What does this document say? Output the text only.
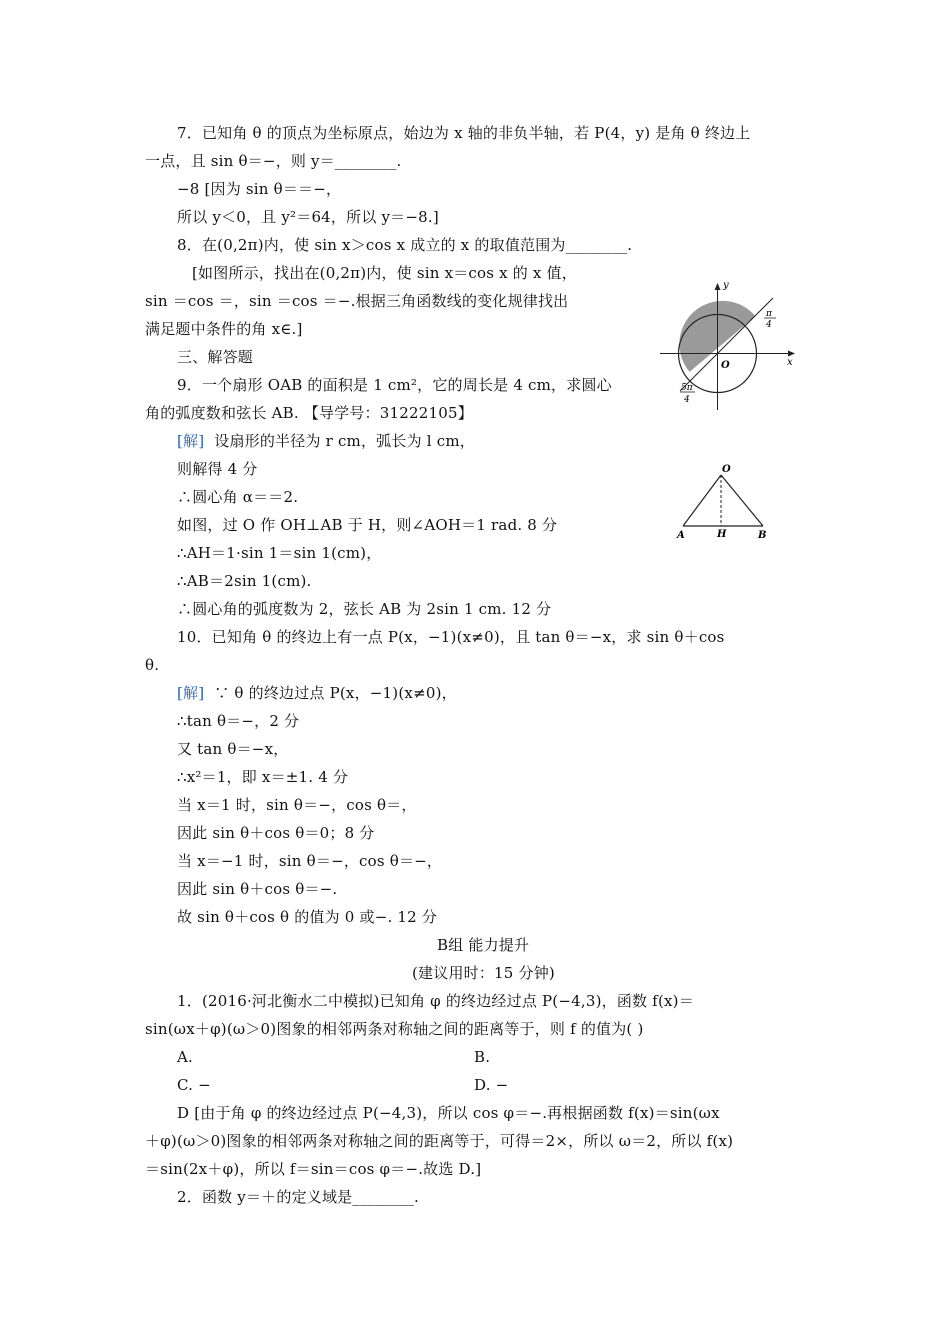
7．已知角 θ 的顶点为坐标原点，始边为 x 轴的非负半轴，若 P(4，y) 是角 θ 终边上
一点，且 sin θ＝−，则 y＝________.
−8 [因为 sin θ＝＝−，
所以 y＜0，且 y²＝64，所以 y＝−8.]
8．在(0,2π)内，使 sin x＞cos x 成立的 x 的取值范围为________.
[如图所示，找出在(0,2π)内，使 sin x＝cos x 的 x 值，
sin ＝cos ＝，sin ＝cos ＝−.根据三角函数线的变化规律找出
满足题中条件的角 x∈.]
三、解答题
9．一个扇形 OAB 的面积是 1 cm²，它的周长是 4 cm，求圆心
角的弧度数和弦长 AB. 【导学号：31222105】
[解] 设扇形的半径为 r cm，弧长为 l cm，
则解得 4 分
∴圆心角 α＝＝2.
如图，过 O 作 OH⊥AB 于 H，则∠AOH＝1 rad. 8 分
∴AH＝1·sin 1＝sin 1(cm)，
∴AB＝2sin 1(cm).
∴圆心角的弧度数为 2，弦长 AB 为 2sin 1 cm. 12 分
10．已知角 θ 的终边上有一点 P(x，−1)(x≠0)，且 tan θ＝−x，求 sin θ＋cos
θ.
[解] ∵ θ 的终边过点 P(x，−1)(x≠0)，
∴tan θ＝−，2 分
又 tan θ＝−x，
∴x²＝1，即 x＝±1. 4 分
当 x＝1 时，sin θ＝−，cos θ＝，
因此 sin θ＋cos θ＝0；8 分
当 x＝−1 时，sin θ＝−，cos θ＝−，
因此 sin θ＋cos θ＝−.
故 sin θ＋cos θ 的值为 0 或−. 12 分
B组 能力提升
(建议用时：15 分钟)
1．(2016·河北衡水二中模拟)已知角 φ 的终边经过点 P(−4,3)，函数 f(x)＝
sin(ωx＋φ)(ω＞0)图象的相邻两条对称轴之间的距离等于，则 f 的值为( )
A.	B.
C. −	D. −
D [由于角 φ 的终边经过点 P(−4,3)，所以 cos φ＝−.再根据函数 f(x)＝sin(ωx
＋φ)(ω＞0)图象的相邻两条对称轴之间的距离等于，可得＝2×，所以 ω＝2，所以 f(x)
＝sin(2x＋φ)，所以 f＝sin＝cos φ＝−.故选 D.]
2．函数 y＝＋的定义域是________.
y
x
O
π
4
5π
4
O
A	H	B
